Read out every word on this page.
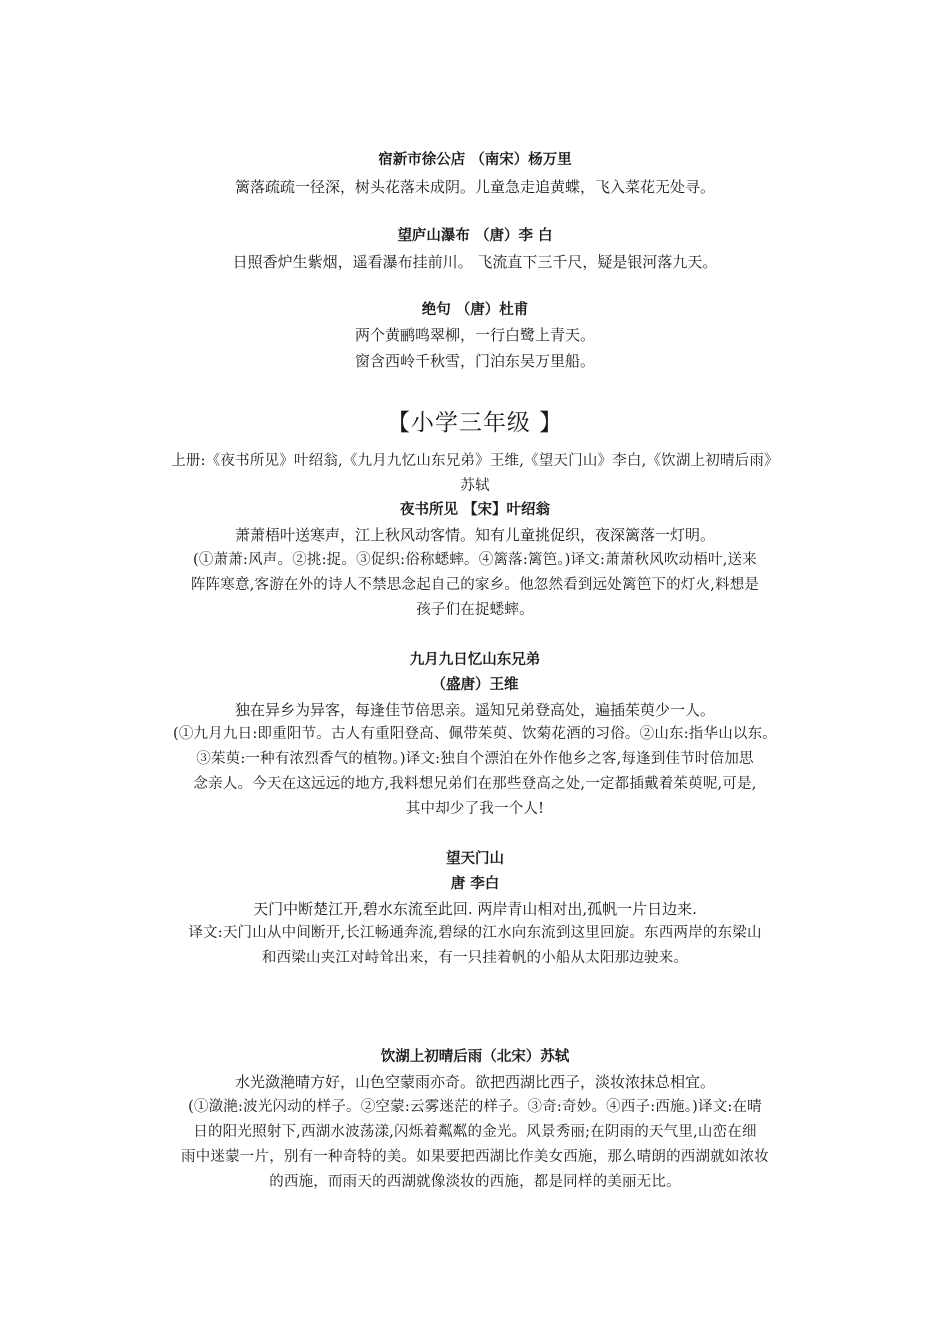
宿新市徐公店 （南宋）杨万里
篱落疏疏一径深，树头花落未成阴。儿童急走追黄蝶，飞入菜花无处寻。
望庐山瀑布 （唐）李 白
日照香炉生紫烟，遥看瀑布挂前川。 飞流直下三千尺，疑是银河落九天。
绝句 （唐）杜甫
两个黄鹂鸣翠柳，一行白鹭上青天。
窗含西岭千秋雪，门泊东吴万里船。
【小学三年级 】
上册:《夜书所见》叶绍翁,《九月九忆山东兄弟》王维,《望天门山》李白,《饮湖上初晴后雨》
苏轼
夜书所见 【宋】叶绍翁
萧萧梧叶送寒声，江上秋风动客情。知有儿童挑促织，夜深篱落一灯明。
(①萧萧:风声。②挑:捉。③促织:俗称蟋蟀。④篱落:篱笆。)译文:萧萧秋风吹动梧叶,送来
阵阵寒意,客游在外的诗人不禁思念起自己的家乡。他忽然看到远处篱笆下的灯火,料想是
孩子们在捉蟋蟀。
九月九日忆山东兄弟
（盛唐）王维
独在异乡为异客，每逢佳节倍思亲。遥知兄弟登高处，遍插茱萸少一人。
(①九月九日:即重阳节。古人有重阳登高、佩带茱萸、饮菊花酒的习俗。②山东:指华山以东。
③茱萸:一种有浓烈香气的植物。)译文:独自个漂泊在外作他乡之客,每逢到佳节时倍加思
念亲人。今天在这远远的地方,我料想兄弟们在那些登高之处,一定都插戴着茱萸呢,可是,
其中却少了我一个人!
望天门山
唐 李白
天门中断楚江开,碧水东流至此回. 两岸青山相对出,孤帆一片日边来.
译文:天门山从中间断开,长江畅通奔流,碧绿的江水向东流到这里回旋。东西两岸的东梁山
和西梁山夹江对峙耸出来，有一只挂着帆的小船从太阳那边驶来。
饮湖上初晴后雨（北宋）苏轼
水光潋滟晴方好，山色空蒙雨亦奇。欲把西湖比西子，淡妆浓抹总相宜。
(①潋滟:波光闪动的样子。②空蒙:云雾迷茫的样子。③奇:奇妙。④西子:西施。)译文:在晴
日的阳光照射下,西湖水波荡漾,闪烁着粼粼的金光。风景秀丽;在阴雨的天气里,山峦在细
雨中迷蒙一片，别有一种奇特的美。如果要把西湖比作美女西施，那么晴朗的西湖就如浓妆
的西施，而雨天的西湖就像淡妆的西施，都是同样的美丽无比。
